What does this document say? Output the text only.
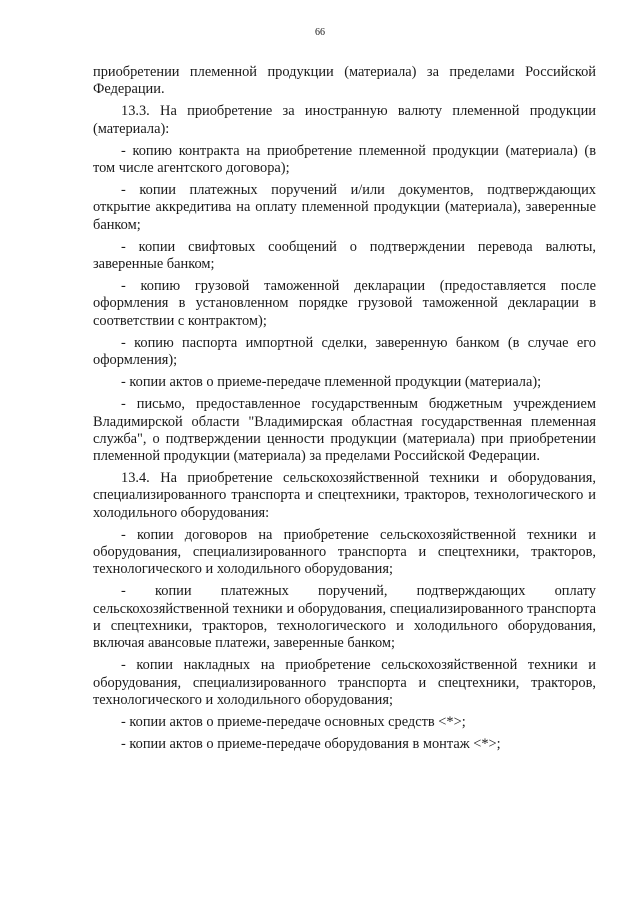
66

приобретении племенной продукции (материала) за пределами Российской Федерации.

13.3. На приобретение за иностранную валюту племенной продукции (материала):

- копию контракта на приобретение племенной продукции (материала) (в том числе агентского договора);

- копии платежных поручений и/или документов, подтверждающих открытие аккредитива на оплату племенной продукции (материала), заверенные банком;

- копии свифтовых сообщений о подтверждении перевода валюты, заверенные банком;

- копию грузовой таможенной декларации (предоставляется после оформления в установленном порядке грузовой таможенной декларации в соответствии с контрактом);

- копию паспорта импортной сделки, заверенную банком (в случае его оформления);

- копии актов о приеме-передаче племенной продукции (материала);

- письмо, предоставленное государственным бюджетным учреждением Владимирской области "Владимирская областная государственная племенная служба", о подтверждении ценности продукции (материала) при приобретении племенной продукции (материала) за пределами Российской Федерации.

13.4. На приобретение сельскохозяйственной техники и оборудования, специализированного транспорта и спецтехники, тракторов, технологического и холодильного оборудования:

- копии договоров на приобретение сельскохозяйственной техники и оборудования, специализированного транспорта и спецтехники, тракторов, технологического и холодильного оборудования;

- копии платежных поручений, подтверждающих оплату сельскохозяйственной техники и оборудования, специализированного транспорта и спецтехники, тракторов, технологического и холодильного оборудования, включая авансовые платежи, заверенные банком;

- копии накладных на приобретение сельскохозяйственной техники и оборудования, специализированного транспорта и спецтехники, тракторов, технологического и холодильного оборудования;

- копии актов о приеме-передаче основных средств <*>;

- копии актов о приеме-передаче оборудования в монтаж <*>;
